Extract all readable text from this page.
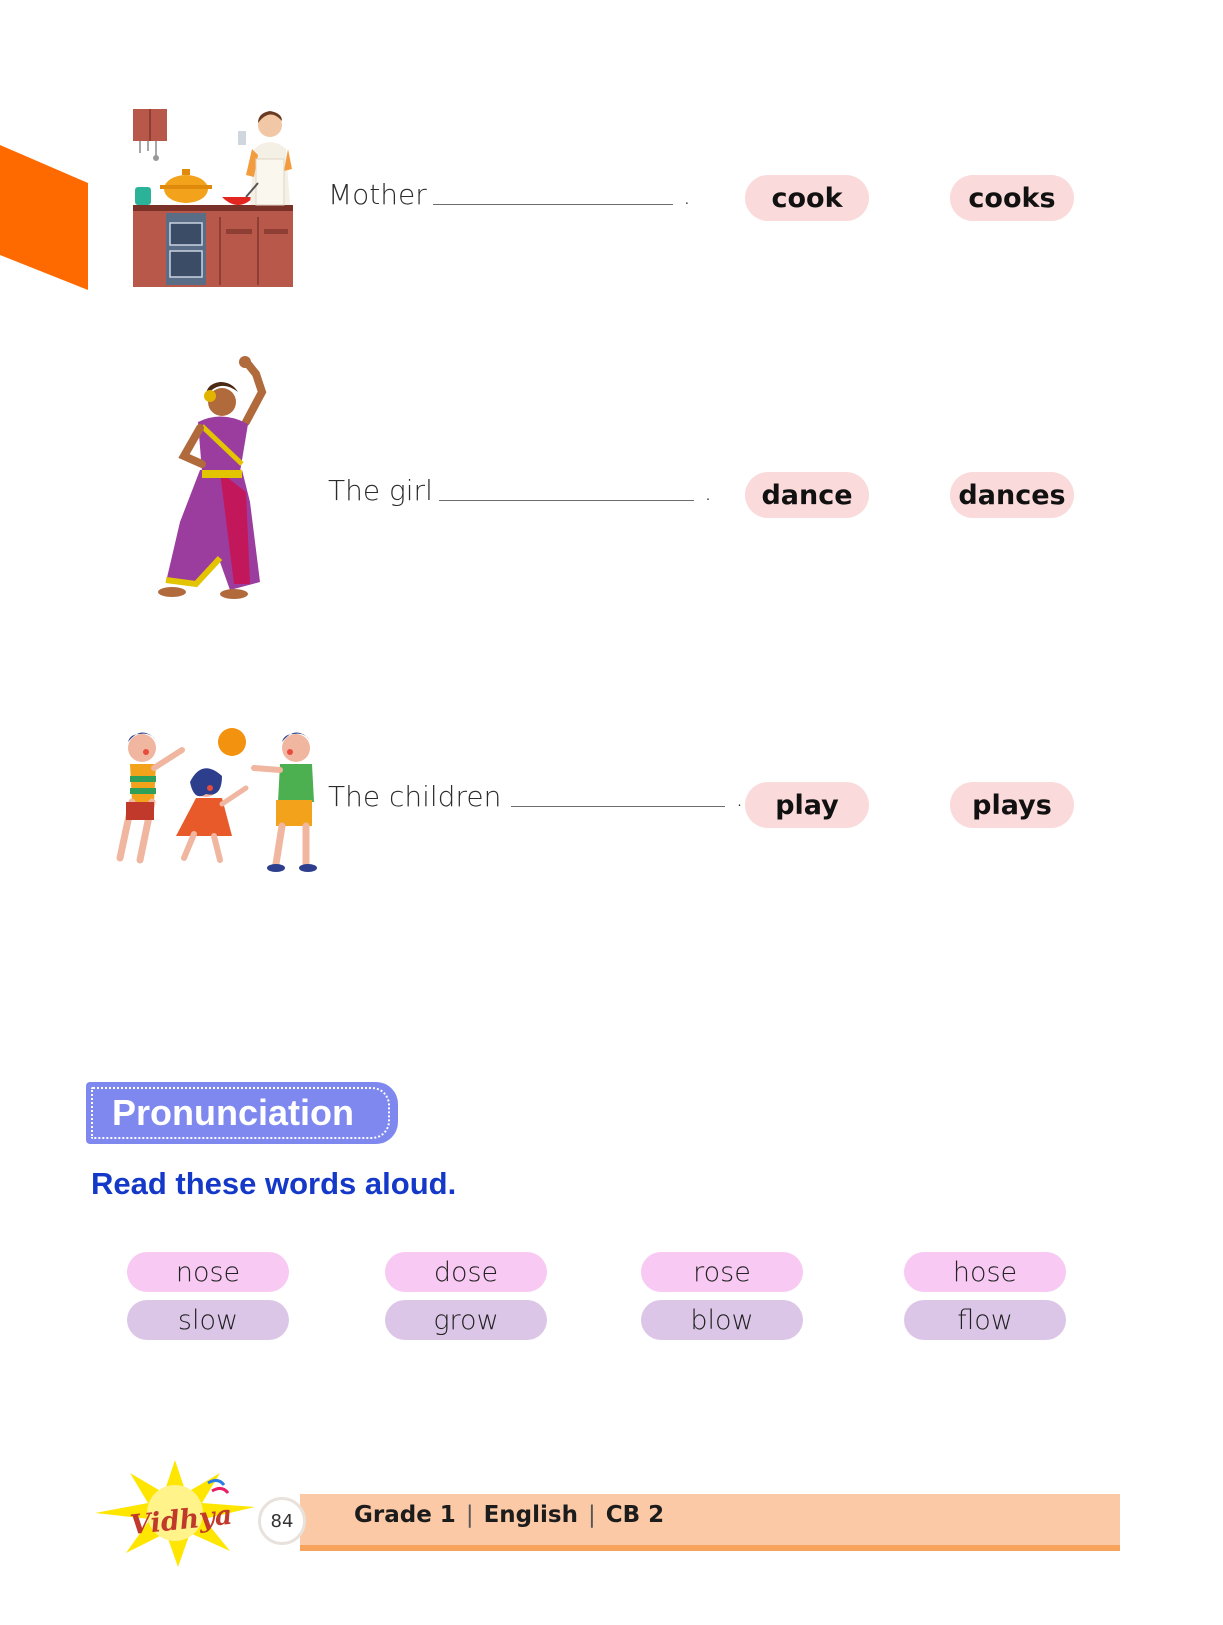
Mother	.	cook	cooks
The girl	.	dance	dances
The children	.	play	plays
Pronunciation
Read these words aloud.
nose	dose	rose	hose
slow	grow	blow	flow
Vidhya	84	Grade 1 | English | CB 2
